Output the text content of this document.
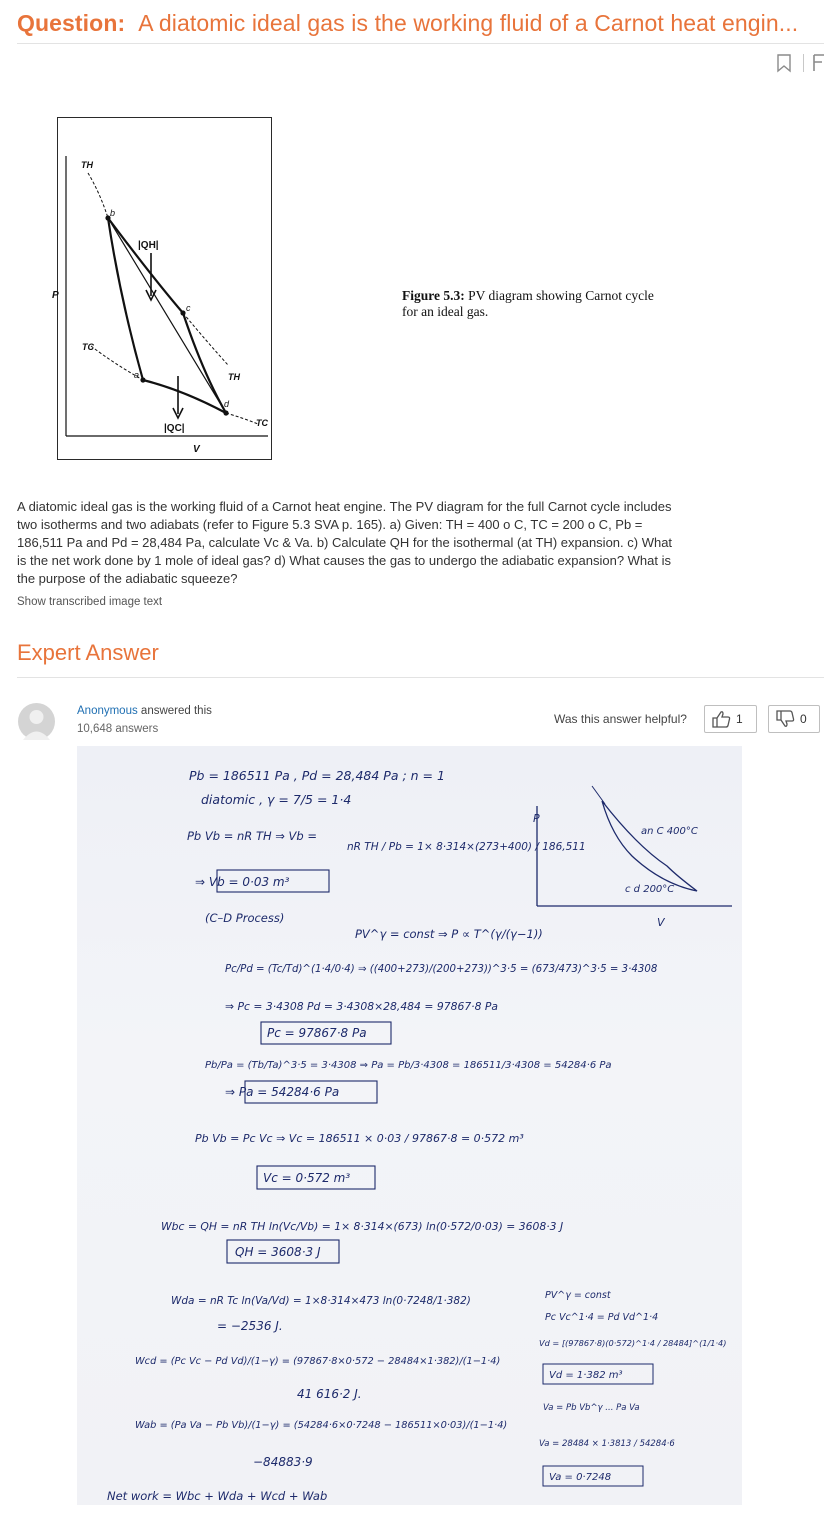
Question: A diatomic ideal gas is the working fluid of a Carnot heat engin...
TH
TC
TH
TC
|QH|
|QC|
P
V
b
c
d
a
Figure 5.3: PV diagram showing Carnot cycle for an ideal gas.
A diatomic ideal gas is the working fluid of a Carnot heat engine. The PV diagram for the full Carnot cycle includes two isotherms and two adiabats (refer to Figure 5.3 SVA p. 165). a) Given: TH = 400 o C, TC = 200 o C, Pb = 186,511 Pa and Pd = 28,484 Pa, calculate Vc & Va. b) Calculate QH for the isothermal (at TH) expansion. c) What is the net work done by 1 mole of ideal gas? d) What causes the gas to undergo the adiabatic expansion? What is the purpose of the adiabatic squeeze?
Show transcribed image text
Expert Answer
Anonymous answered this
10,648 answers
Was this answer helpful?	1	0
P
V
an C 400°C
c d 200°C
Pb = 186511 Pa , Pd = 28,484 Pa ; n = 1
diatomic , γ = 7/5 = 1·4
Pb Vb = nR TH ⇒ Vb =
nR TH / Pb = 1× 8·314×(273+400) / 186,511
⇒ Vb = 0·03 m³
(C–D Process)
PV^γ = const ⇒ P ∝ T^(γ/(γ−1))
Pc/Pd = (Tc/Td)^(1·4/0·4) ⇒ ((400+273)/(200+273))^3·5 = (673/473)^3·5 = 3·4308
⇒ Pc = 3·4308 Pd = 3·4308×28,484 = 97867·8 Pa
Pc = 97867·8 Pa
Pb/Pa = (Tb/Ta)^3·5 = 3·4308 ⇒ Pa = Pb/3·4308 = 186511/3·4308 = 54284·6 Pa
⇒ Pa = 54284·6 Pa
Pb Vb = Pc Vc ⇒ Vc = 186511 × 0·03 / 97867·8 = 0·572 m³
Vc = 0·572 m³
Wbc = QH = nR TH ln(Vc/Vb) = 1× 8·314×(673) ln(0·572/0·03) = 3608·3 J
QH = 3608·3 J
Wda = nR Tc ln(Va/Vd) = 1×8·314×473 ln(0·7248/1·382)
= −2536 J.
Wcd = (Pc Vc − Pd Vd)/(1−γ) = (97867·8×0·572 − 28484×1·382)/(1−1·4)
41 616·2 J.
Wab = (Pa Va − Pb Vb)/(1−γ) = (54284·6×0·7248 − 186511×0·03)/(1−1·4)
−84883·9
Net work = Wbc + Wda + Wcd + Wab
PV^γ = const
Pc Vc^1·4 = Pd Vd^1·4
Vd = [(97867·8)(0·572)^1·4 / 28484]^(1/1·4)
Vd = 1·382 m³
Va = Pb Vb^γ ... Pa Va
Va = 28484 × 1·3813 / 54284·6
Va = 0·7248
